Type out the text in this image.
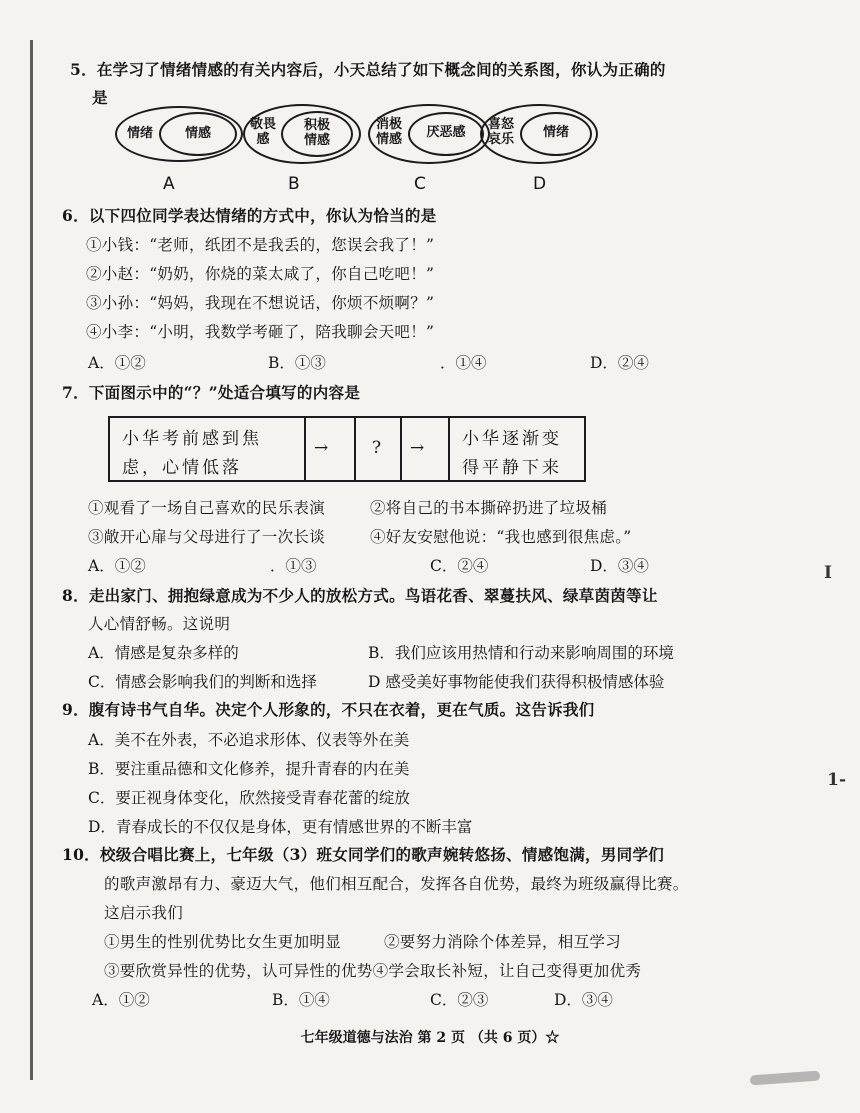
I
1-
5．在学习了情绪情感的有关内容后，小天总结了如下概念间的关系图，你认为正确的
是
情绪	情感
A
敬畏
感
积极
情感
B
消极
情感	厌恶感
C
喜怒
哀乐	情绪
D
6．以下四位同学表达情绪的方式中，你认为恰当的是
①小钱：“老师，纸团不是我丢的，您误会我了！”
②小赵：“奶奶，你烧的菜太咸了，你自己吃吧！”
③小孙：“妈妈，我现在不想说话，你烦不烦啊？”
④小李：“小明，我数学考砸了，陪我聊会天吧！”
A．①②	B．①③	．①④	D．②④
7．下面图示中的“？”处适合填写的内容是
小华考前感到焦
虑，心情低落
→	? → 小华逐渐变
得平静下来
①观看了一场自己喜欢的民乐表演	②将自己的书本撕碎扔进了垃圾桶
③敞开心扉与父母进行了一次长谈	④好友安慰他说：“我也感到很焦虑。”
A．①②	．①③	C．②④	D．③④
8．走出家门、拥抱绿意成为不少人的放松方式。鸟语花香、翠蔓扶风、绿草茵茵等让
人心情舒畅。这说明
A．情感是复杂多样的	B．我们应该用热情和行动来影响周围的环境
C．情感会影响我们的判断和选择	D 感受美好事物能使我们获得积极情感体验
9．腹有诗书气自华。决定个人形象的，不只在衣着，更在气质。这告诉我们
A．美不在外表，不必追求形体、仪表等外在美
B．要注重品德和文化修养，提升青春的内在美
C．要正视身体变化，欣然接受青春花蕾的绽放
D．青春成长的不仅仅是身体，更有情感世界的不断丰富
10．校级合唱比赛上，七年级（3）班女同学们的歌声婉转悠扬、情感饱满，男同学们
的歌声激昂有力、豪迈大气，他们相互配合，发挥各自优势，最终为班级赢得比赛。
这启示我们
①男生的性别优势比女生更加明显	②要努力消除个体差异，相互学习
③要欣赏异性的优势，认可异性的优势④学会取长补短，让自己变得更加优秀
A．①②	B．①④	C．②③	D．③④
七年级道德与法治 第 2 页 （共 6 页）☆
